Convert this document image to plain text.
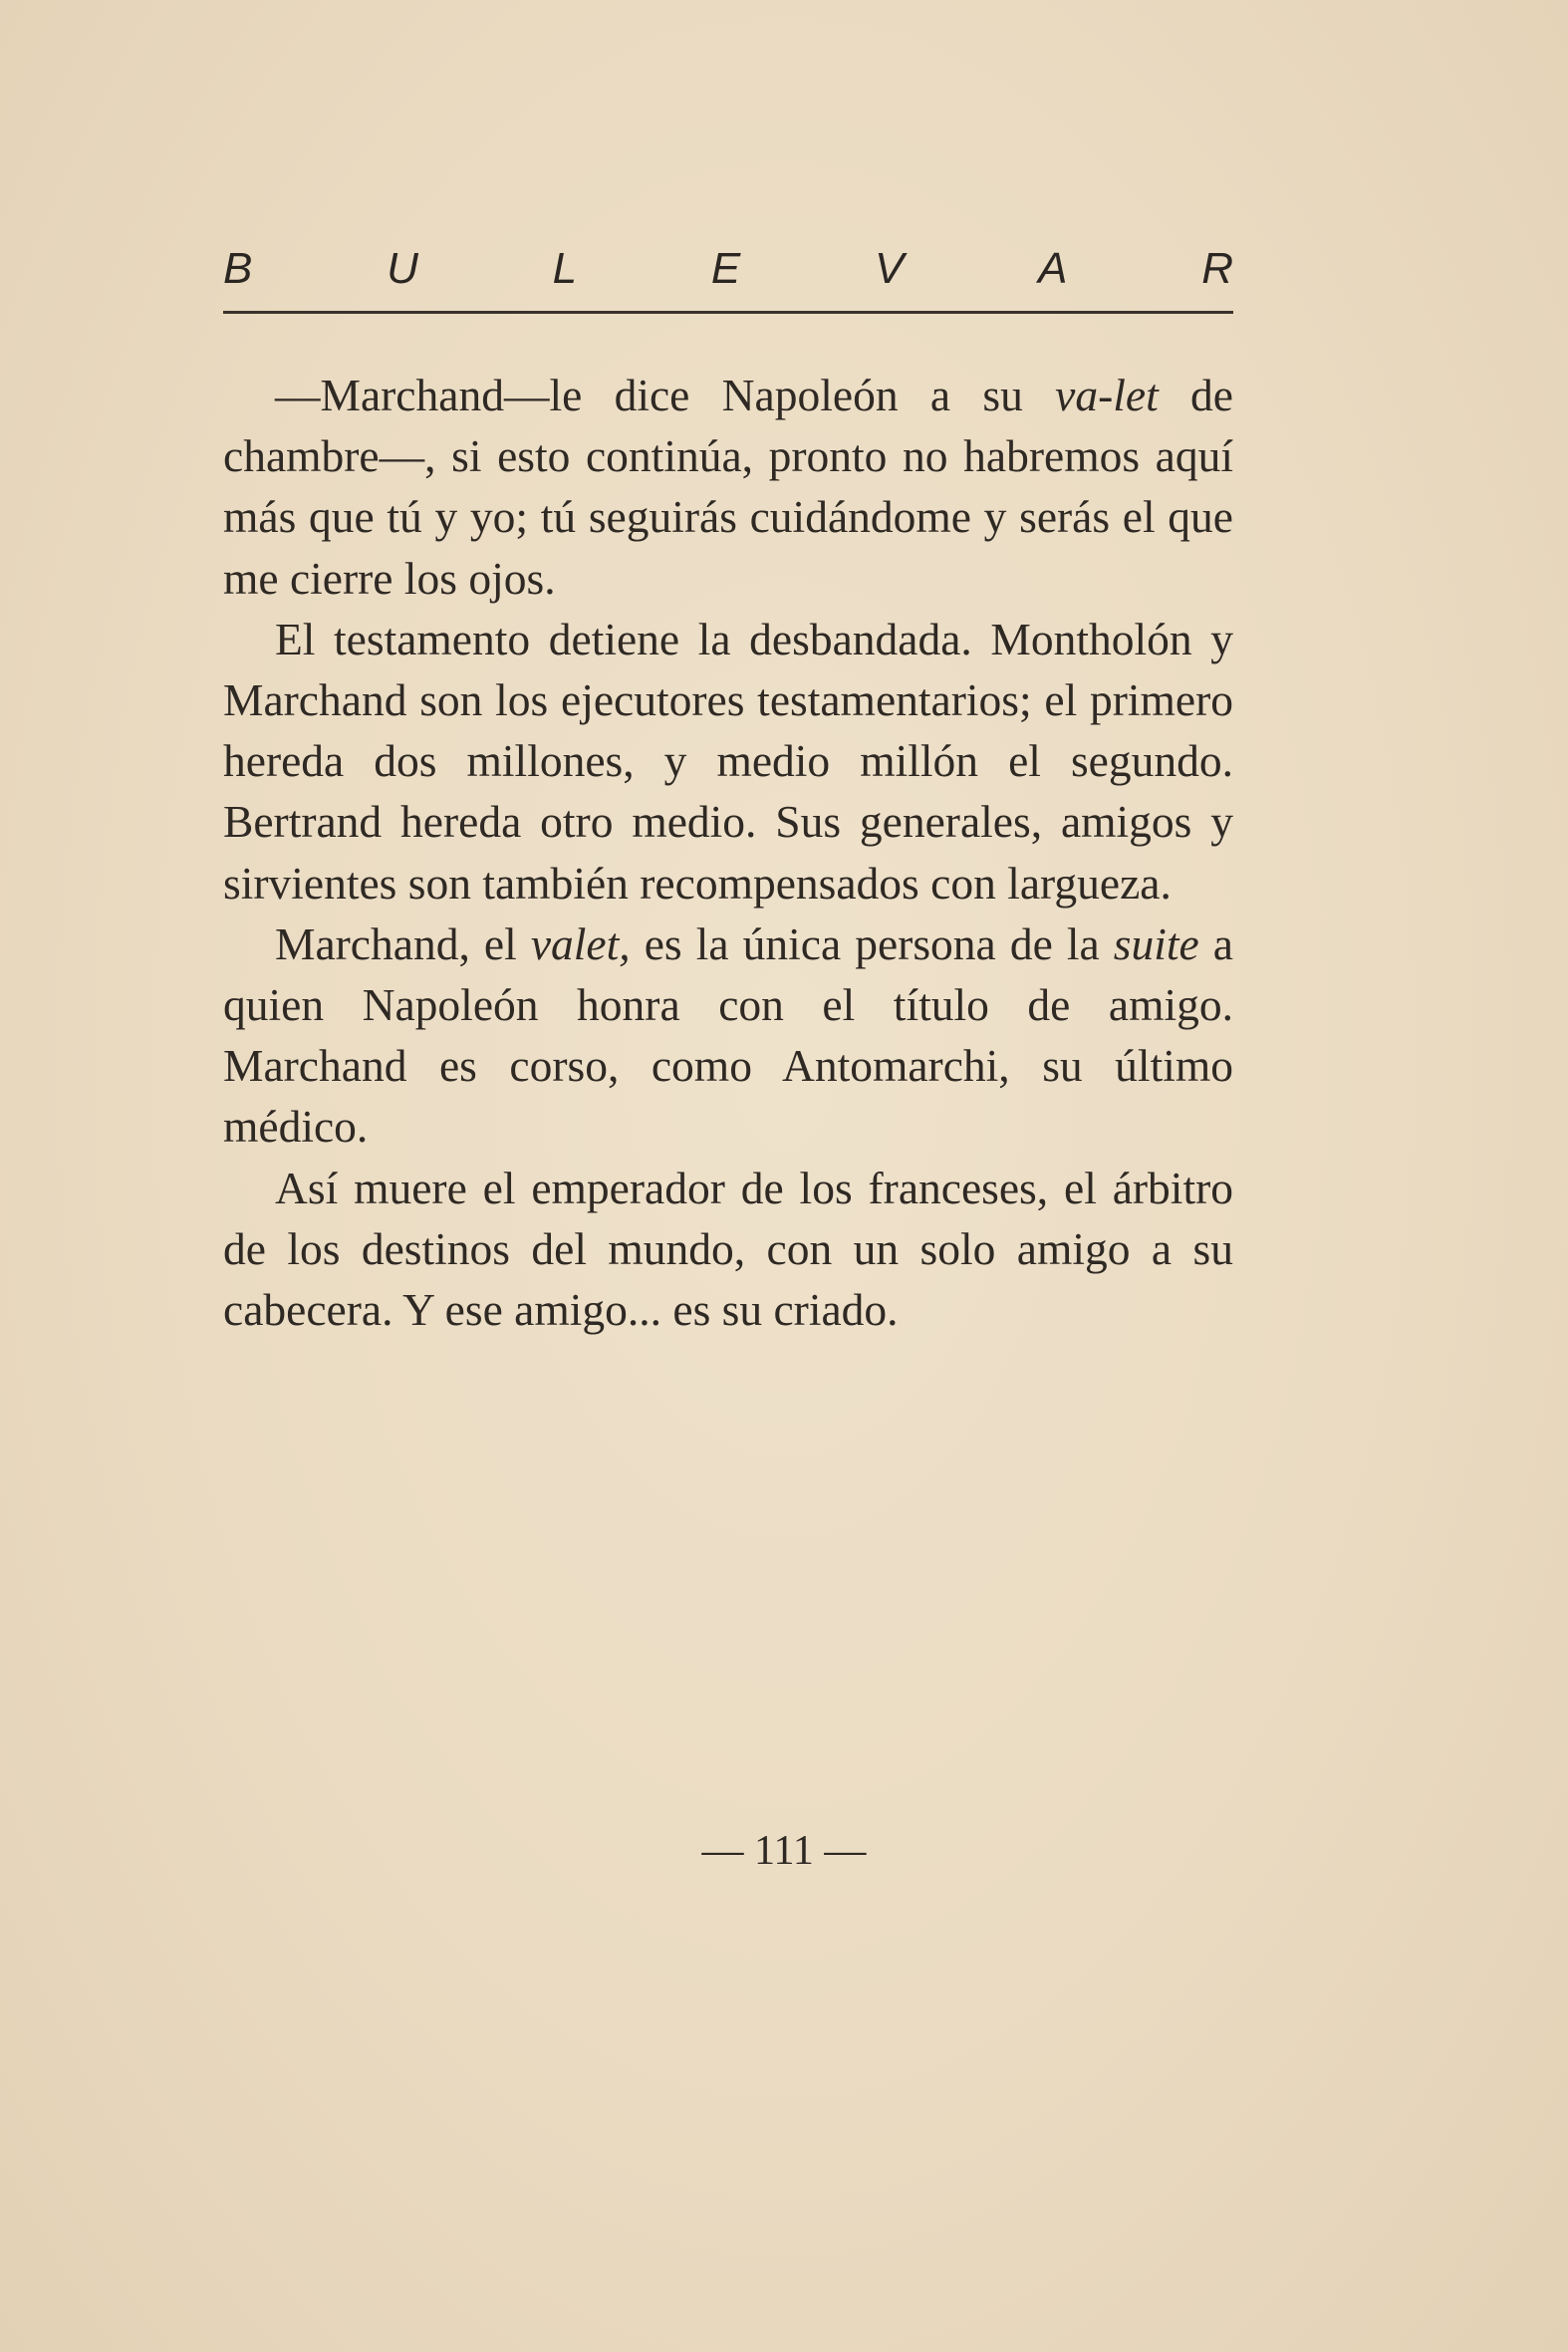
B	U	L	E	V	A	R

—Marchand—le dice Napoleón a su va-let de chambre—, si esto continúa, pronto no habremos aquí más que tú y yo; tú seguirás cuidándome y serás el que me cierre los ojos.

El testamento detiene la desbandada. Montholón y Marchand son los ejecutores testamentarios; el primero hereda dos millones, y medio millón el segundo. Bertrand hereda otro medio. Sus generales, amigos y sirvientes son también recompensados con largueza.

Marchand, el valet, es la única persona de la suite a quien Napoleón honra con el título de amigo. Marchand es corso, como Antomarchi, su último médico.

Así muere el emperador de los franceses, el árbitro de los destinos del mundo, con un solo amigo a su cabecera. Y ese amigo... es su criado.

— 111 —
